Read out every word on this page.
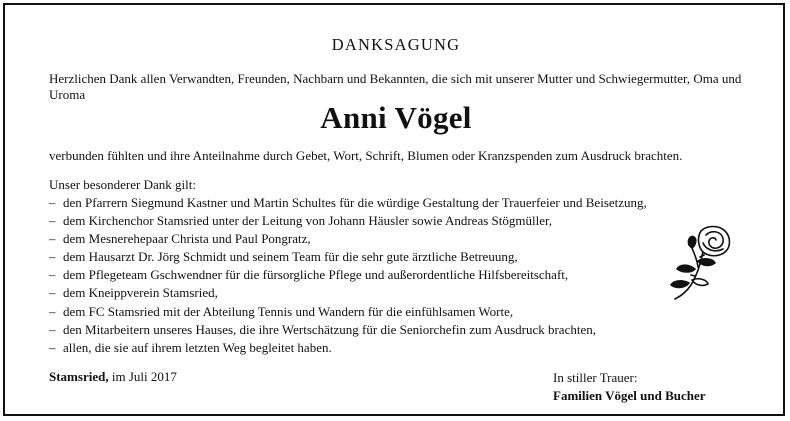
DANKSAGUNG
Herzlichen Dank allen Verwandten, Freunden, Nachbarn und Bekannten, die sich mit unserer Mutter und Schwiegermutter, Oma und Uroma
Anni Vögel
verbunden fühlten und ihre Anteilnahme durch Gebet, Wort, Schrift, Blumen oder Kranzspenden zum Ausdruck brachten.
Unser besonderer Dank gilt:
– den Pfarrern Siegmund Kastner und Martin Schultes für die würdige Gestaltung der Trauerfeier und Beisetzung,
– dem Kirchenchor Stamsried unter der Leitung von Johann Häusler sowie Andreas Stögmüller,
– dem Mesnerehepaar Christa und Paul Pongratz,
– dem Hausarzt Dr. Jörg Schmidt und seinem Team für die sehr gute ärztliche Betreuung,
– dem Pflegeteam Gschwendner für die fürsorgliche Pflege und außerordentliche Hilfsbereitschaft,
– dem Kneippverein Stamsried,
– dem FC Stamsried mit der Abteilung Tennis und Wandern für die einfühlsamen Worte,
– den Mitarbeitern unseres Hauses, die ihre Wertschätzung für die Seniorchefin zum Ausdruck brachten,
– allen, die sie auf ihrem letzten Weg begleitet haben.
Stamsried, im Juli 2017	In stiller Trauer:
Familien Vögel und Bucher
